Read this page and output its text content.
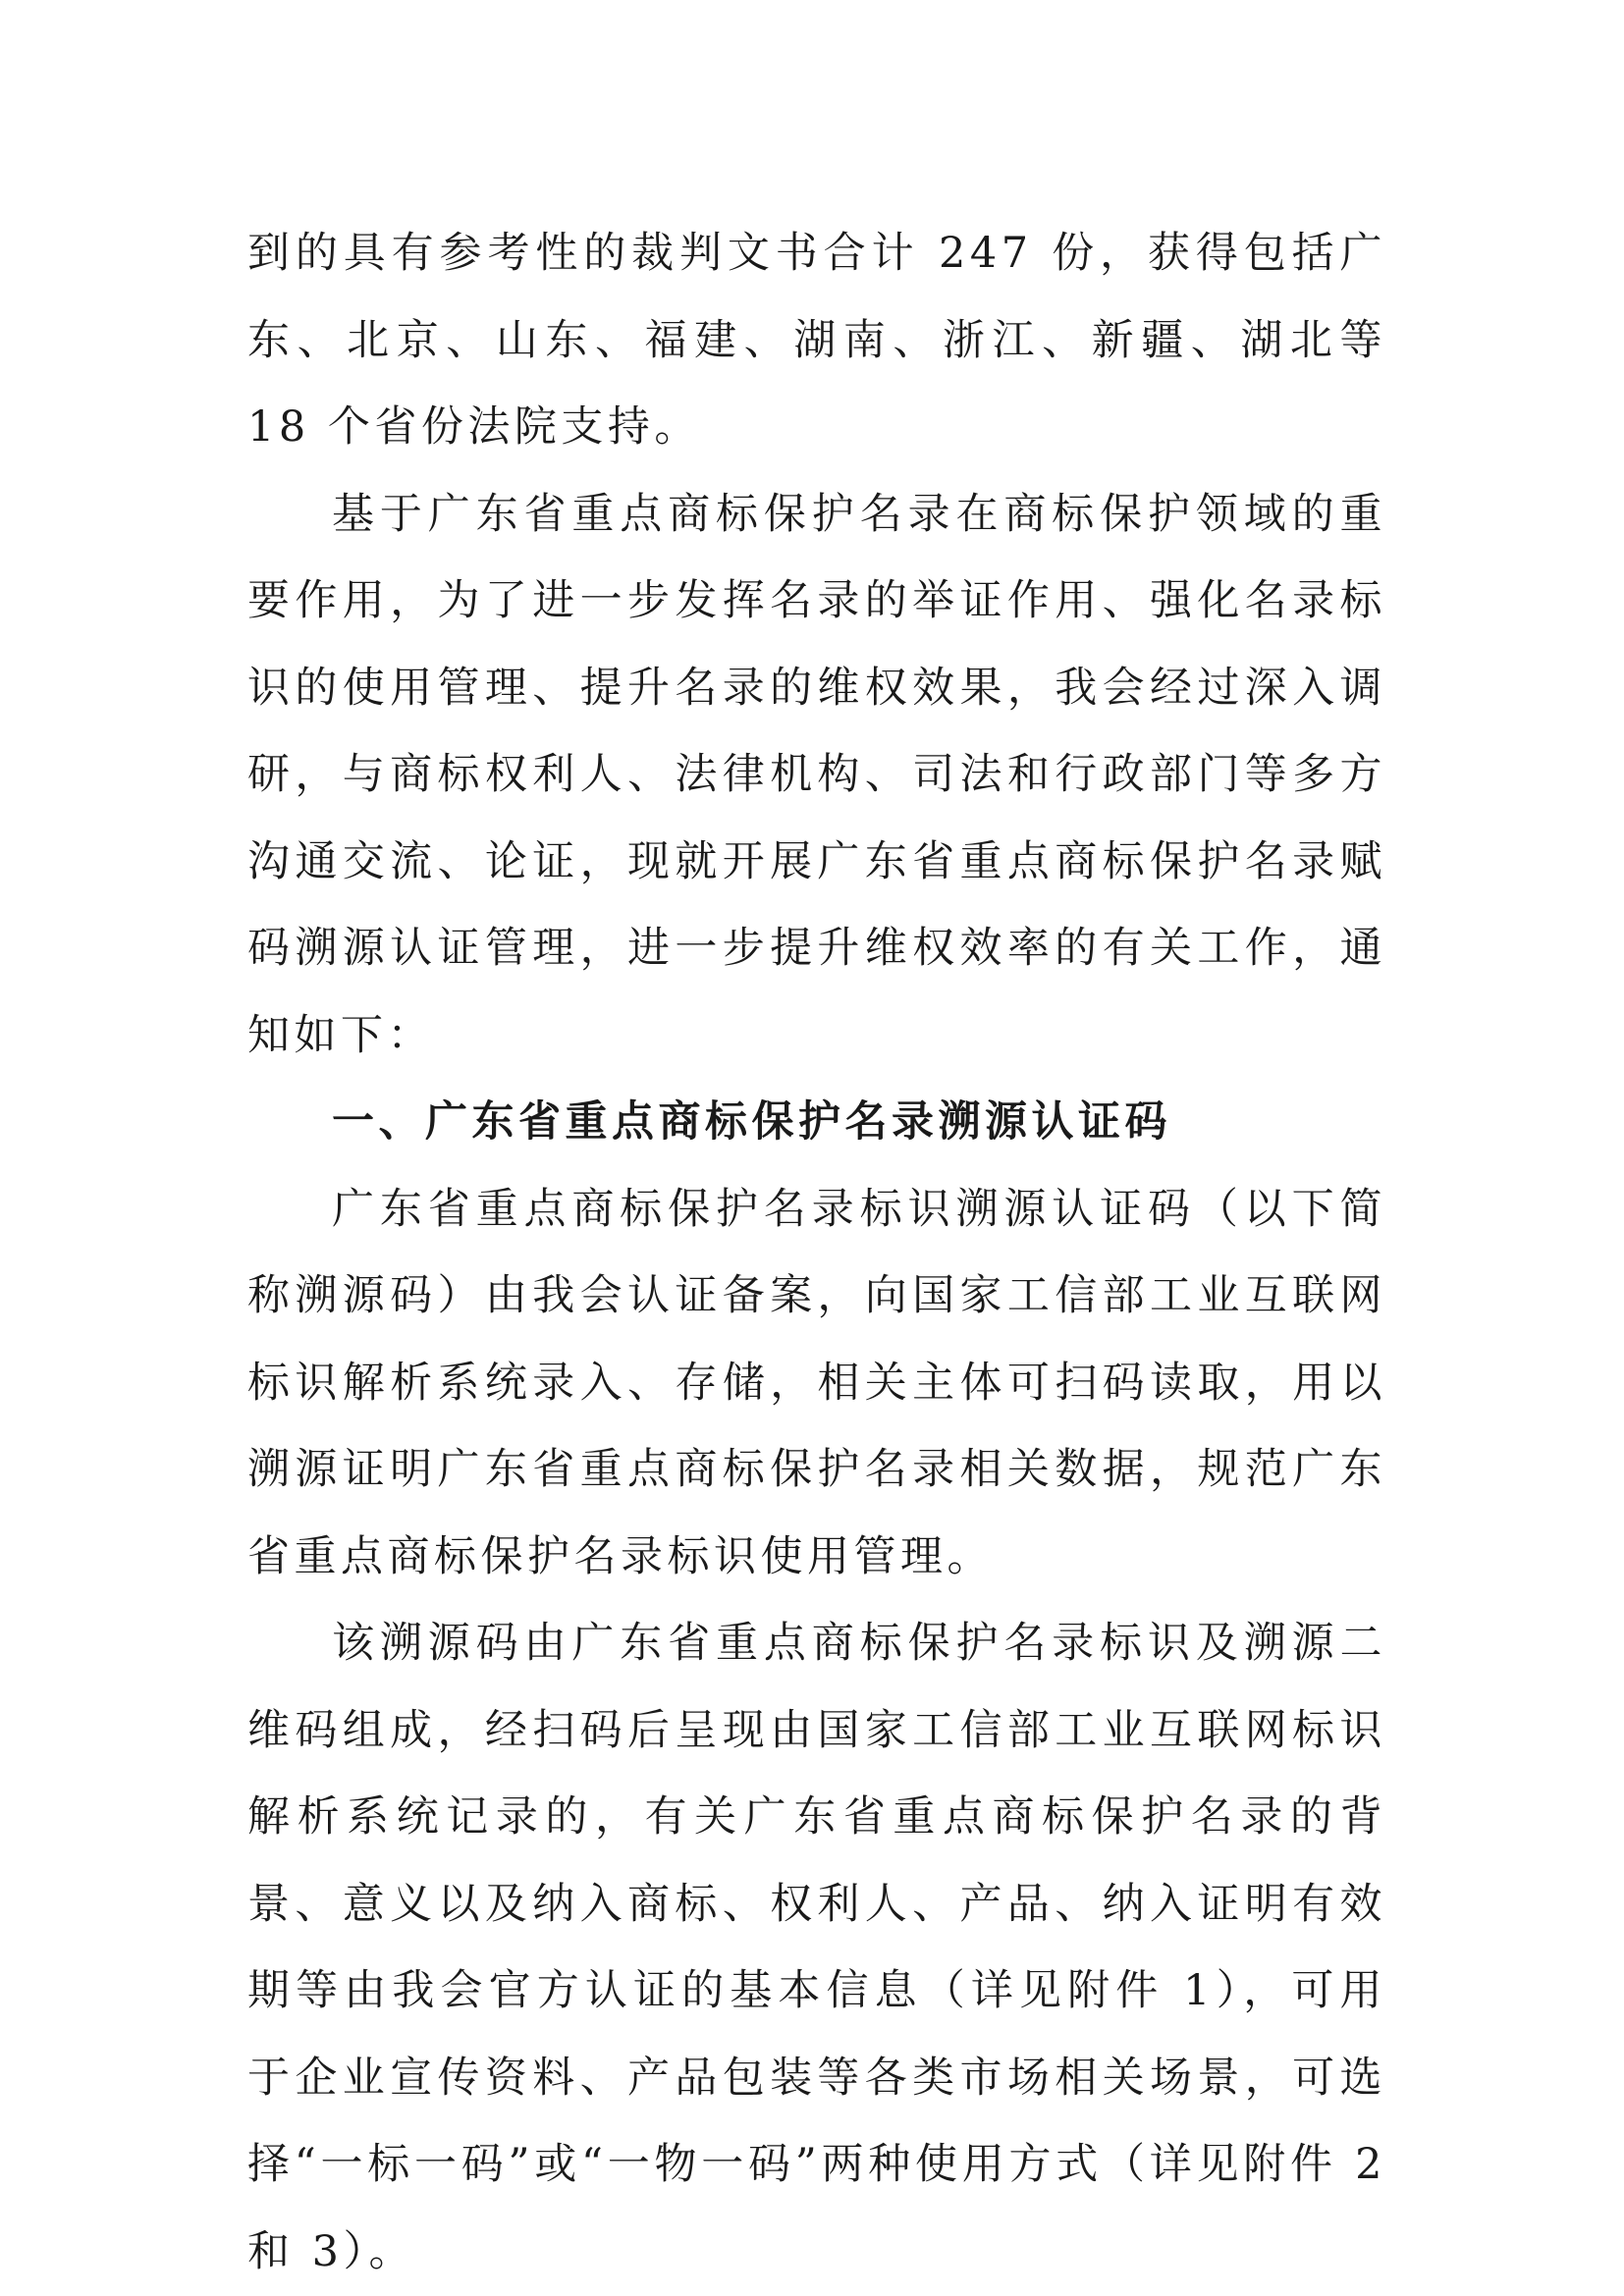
到的具有参考性的裁判文书合计 247 份，获得包括广东、北京、山东、福建、湖南、浙江、新疆、湖北等 18 个省份法院支持。

基于广东省重点商标保护名录在商标保护领域的重要作用，为了进一步发挥名录的举证作用、强化名录标识的使用管理、提升名录的维权效果，我会经过深入调研，与商标权利人、法律机构、司法和行政部门等多方沟通交流、论证，现就开展广东省重点商标保护名录赋码溯源认证管理，进一步提升维权效率的有关工作，通知如下：

一、广东省重点商标保护名录溯源认证码

广东省重点商标保护名录标识溯源认证码（以下简称溯源码）由我会认证备案，向国家工信部工业互联网标识解析系统录入、存储，相关主体可扫码读取，用以溯源证明广东省重点商标保护名录相关数据，规范广东省重点商标保护名录标识使用管理。

该溯源码由广东省重点商标保护名录标识及溯源二维码组成，经扫码后呈现由国家工信部工业互联网标识解析系统记录的，有关广东省重点商标保护名录的背景、意义以及纳入商标、权利人、产品、纳入证明有效期等由我会官方认证的基本信息（详见附件 1），可用于企业宣传资料、产品包装等各类市场相关场景，可选择“一标一码”或“一物一码”两种使用方式（详见附件 2 和 3）。
